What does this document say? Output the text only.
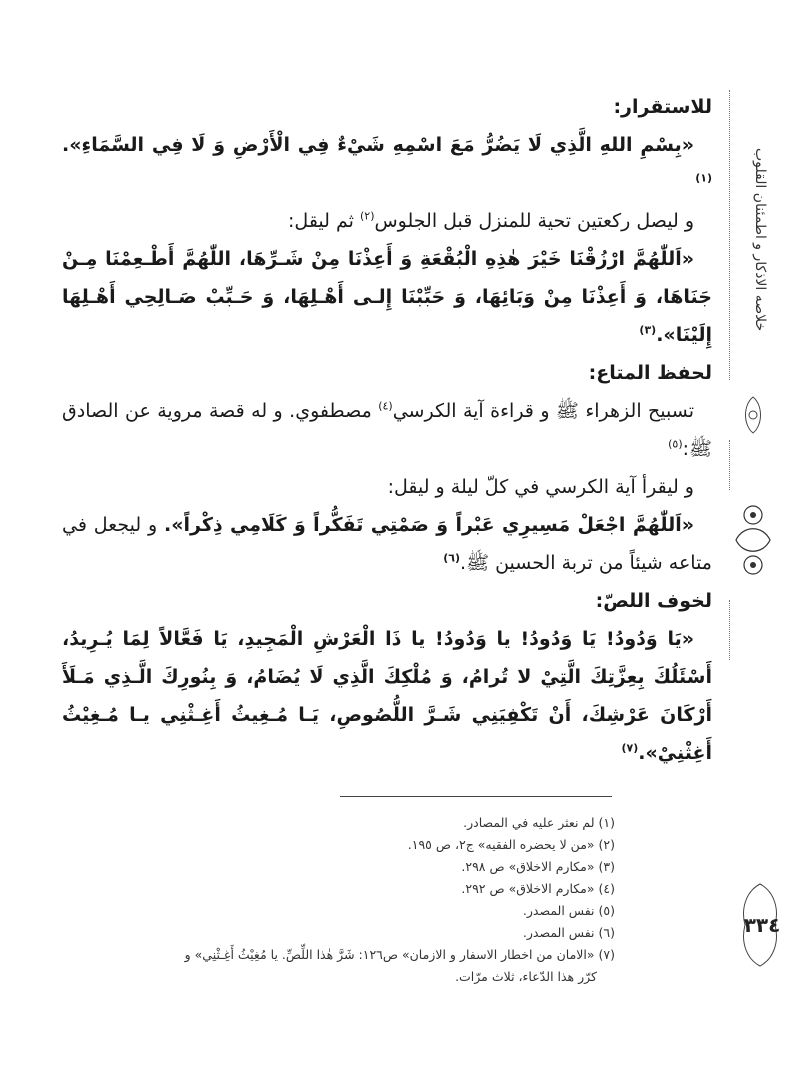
خلاصه الاذکار و اطمئنان القلوب
٣٣٤
للاستقرار:

«بِسْمِ اللهِ الَّذِي لَا يَضُرُّ مَعَ اسْمِهِ شَيْءٌ فِي الْأَرْضِ وَ لَا فِي السَّمَاءِ».$^{(١)}$

و لیصل رکعتين تحية للمنزل قبل الجلوس$^{(٢)}$ ثم لیقل:

«اَللّٰهُمَّ ارْزُقْنَا خَيْرَ هٰذِهِ الْبُقْعَةِ وَ أَعِذْنَا مِنْ شَـرِّهَا، اللّٰهُمَّ أَطْـعِمْنَا مِـنْ جَنَاهَا، وَ أَعِذْنَا مِنْ وَبَائِهَا، وَ حَبِّبْنَا إِلـى أَهْـلِهَا، وَ حَـبِّبْ صَـالِحِي أَهْـلِهَا إِلَيْنَا».$^{(٣)}$

لحفظ المتاع:

تسبیح الزهراء ﷺ و قراءة آية الكرسي$^{(٤)}$ مصطفوي. و له قصة مروية عن الصادق ﷺ:$^{(٥)}$

و لیقرأ آية الکرسي في كلّ ليلة و ليقل:

«اَللّٰهُمَّ اجْعَلْ مَسِيرِي عَبْراً وَ صَمْتِي تَفَكُّراً وَ كَلَامِي ذِكْراً». و ليجعل في متاعه شيئاً من تربة الحسين ﷺ.$^{(٦)}$

لخوف اللصّ:

«يَا وَدُودُ! يَا وَدُودُ! يا وَدُودُ! يا ذَا الْعَرْشِ الْمَجِيدِ، يَا فَعَّالاً لِمَا يُـرِيدُ، أَسْئَلُكَ بِعِزَّتِكَ الَّتِيْ لا تُرامُ، وَ مُلْكِكَ الَّذِي لَا يُضَامُ، وَ بِنُورِكَ الَّـذِي مَـلَأَ أَرْكَانَ عَرْشِكَ، أَنْ تَكْفِيَنِي شَـرَّ اللُّصُوصِ، يَـا مُـغِيثُ أَغِـثْنِي يـا مُـغِيْثُ أَغِثْنِيْ».$^{(٧)}$

(١) لم نعثر عليه في المصادر.

(٢) «من لا يحضره الفقيه» ج٢، ص ١٩٥.

(٣) «مكارم الاخلاق» ص ٢٩٨.

(٤) «مكارم الاخلاق» ص ٢٩٢.

(٥) نفس المصدر.

(٦) نفس المصدر.

(٧) «الامان من اخطار الاسفار و الازمان» ص١٢٦: شَرَّ هٰذا اللِّصِّ. يا مُغِيْثُ أَغِـثْنِي» و

كرّر هذا الدّعاء، ثلاث مرّات.
